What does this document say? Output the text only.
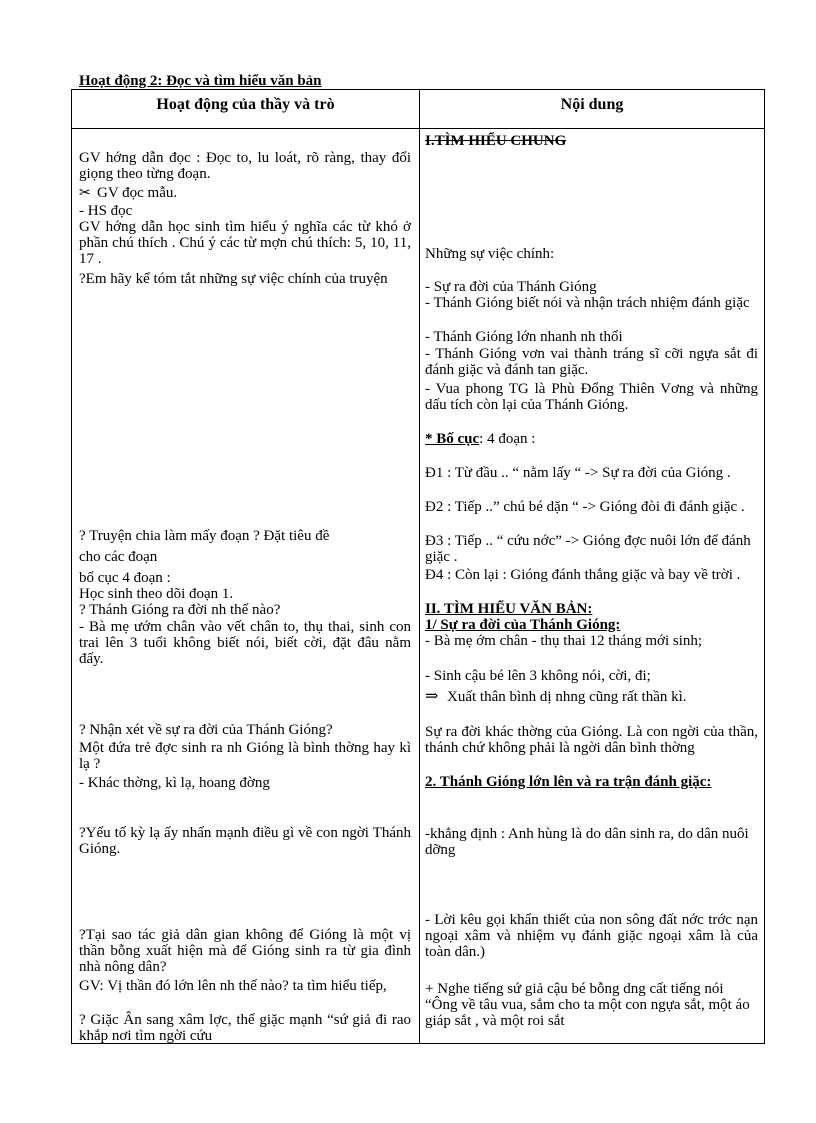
Hoạt động 2: Đọc và tìm hiểu văn bản
Hoạt động của thầy và trò	Nội dung
GV hớng dẫn đọc : Đọc to, lu loát, rõ ràng, thay đổi giọng theo từng đoạn.
✂ GV đọc mẫu.
- HS đọc
GV hớng dẫn học sinh tìm hiểu ý nghĩa các từ khó ở phần chú thích . Chú ý các từ mợn chú thích: 5, 10, 11, 17 .
?Em hãy kể tóm tắt những sự việc chính của truyện
? Truyện chia làm mấy đoạn ? Đặt tiêu đề
cho các đoạn
bố cục 4 đoạn :
Học sinh theo dõi đoạn 1.
? Thánh Gióng ra đời nh thế nào?
- Bà mẹ ướm chân vào vết chân to, thụ thai, sinh con trai lên 3 tuổi không biết nói, biết cời, đặt đâu nằm đấy.
? Nhận xét về sự ra đời của Thánh Gióng?
Một đứa trẻ đợc sinh ra nh Gióng là bình thờng hay kì lạ ?
- Khác thờng, kì lạ, hoang đờng
?Yếu tố kỳ lạ ấy nhấn mạnh điều gì về con ngời Thánh Gióng.
?Tại sao tác giả dân gian không để Gióng là một vị thần bỗng xuất hiện mà để Gióng sinh ra từ gia đình nhà nông dân?
GV: Vị thần đó lớn lên nh thế nào? ta tìm hiểu tiếp,
? Giặc Ân sang xâm lợc, thế giặc mạnh “sứ giả đi rao khắp nơi tìm ngời cứu
I.TÌM HIỂU CHUNG
Những sự việc chính:
- Sự ra đời của Thánh Gióng
- Thánh Gióng biết nói và nhận trách nhiệm đánh giặc
- Thánh Gióng lớn nhanh nh thổi
- Thánh Gióng vơn vai thành tráng sĩ cỡi ngựa sắt đi đánh giặc và đánh tan giặc.
- Vua phong TG là Phù Đổng Thiên Vơng và những dấu tích còn lại của Thánh Gióng.
* Bố cục: 4 đoạn :
Đ1 : Từ đầu .. “ nằm lấy “ -> Sự ra đời của Gióng .
Đ2 : Tiếp ..” chú bé dặn “ -> Gióng đòi đi đánh giặc .
Đ3 : Tiếp .. “ cứu nớc” -> Gióng đợc nuôi lớn để đánh giặc .
Đ4 : Còn lại : Gióng đánh thắng giặc và bay về trời .
II. TÌM HIỂU VĂN BẢN:
1/ Sự ra đời của Thánh Gióng:
- Bà mẹ ớm chân - thụ thai 12 tháng mới sinh;
- Sinh cậu bé lên 3 không nói, cời, đi;
⇒ Xuất thân bình dị nhng cũng rất thần kì.
Sự ra đời khác thờng của Gióng. Là con ngời của thần, thánh chứ không phải là ngời dân bình thờng
2. Thánh Gióng lớn lên và ra trận đánh giặc:
-khẳng định : Anh hùng là do dân sinh ra, do dân nuôi dỡng
- Lời kêu gọi khẩn thiết của non sông đất nớc trớc nạn ngoại xâm và nhiệm vụ đánh giặc ngoại xâm là của toàn dân.)
+ Nghe tiếng sứ giả cậu bé bỗng dng cất tiếng nói “Ông về tâu vua, sắm cho ta một con ngựa sắt, một áo giáp sắt , và một roi sắt
